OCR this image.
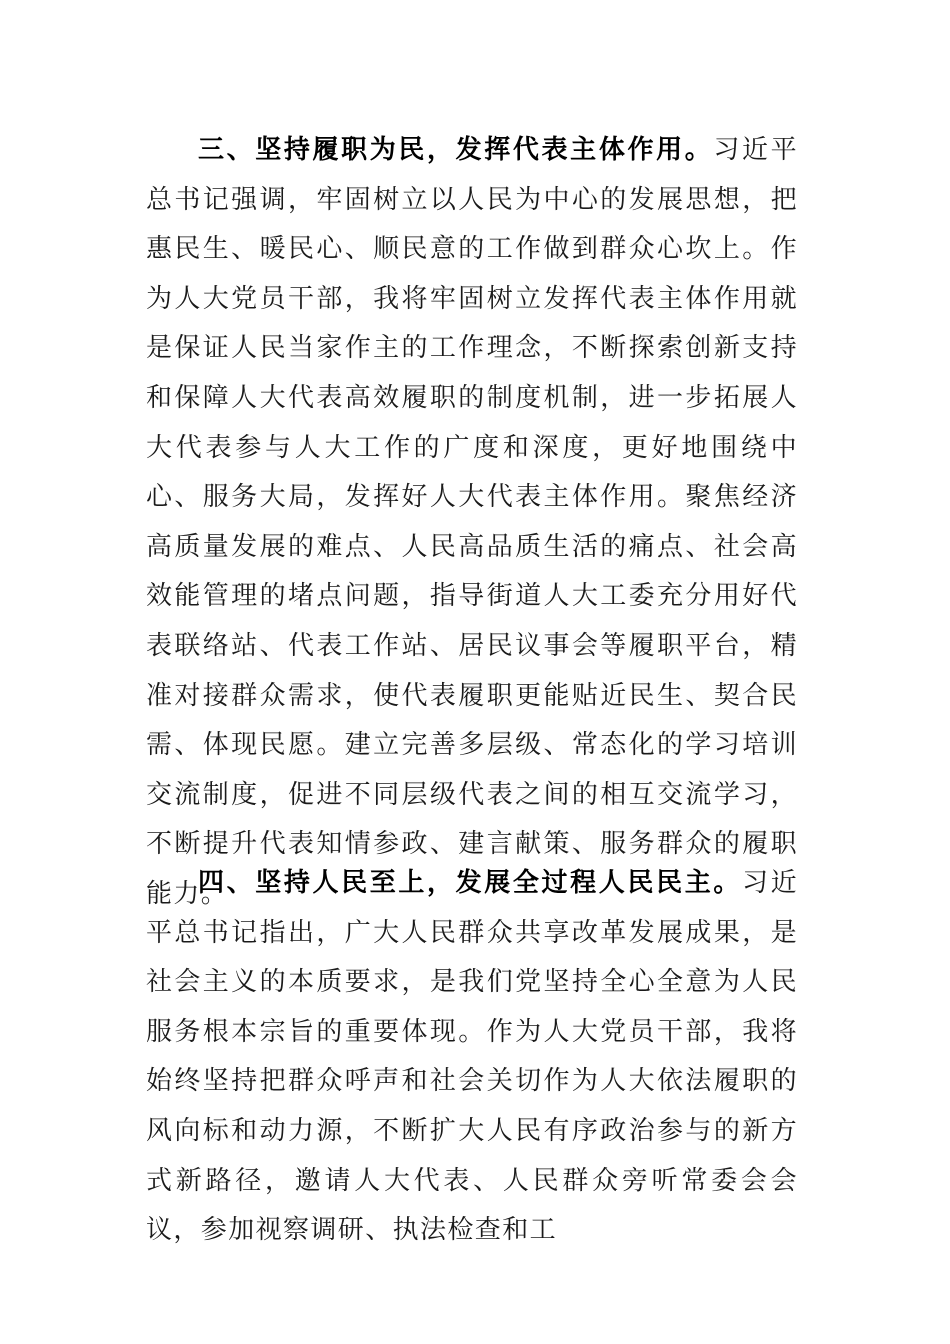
三、坚持履职为民，发挥代表主体作用。习近平总书记强调，牢固树立以人民为中心的发展思想，把惠民生、暖民心、顺民意的工作做到群众心坎上。作为人大党员干部，我将牢固树立发挥代表主体作用就是保证人民当家作主的工作理念，不断探索创新支持和保障人大代表高效履职的制度机制，进一步拓展人大代表参与人大工作的广度和深度，更好地围绕中心、服务大局，发挥好人大代表主体作用。聚焦经济高质量发展的难点、人民高品质生活的痛点、社会高效能管理的堵点问题，指导街道人大工委充分用好代表联络站、代表工作站、居民议事会等履职平台，精准对接群众需求，使代表履职更能贴近民生、契合民需、体现民愿。建立完善多层级、常态化的学习培训交流制度，促进不同层级代表之间的相互交流学习，不断提升代表知情参政、建言献策、服务群众的履职能力。

四、坚持人民至上，发展全过程人民民主。习近平总书记指出，广大人民群众共享改革发展成果，是社会主义的本质要求，是我们党坚持全心全意为人民服务根本宗旨的重要体现。作为人大党员干部，我将始终坚持把群众呼声和社会关切作为人大依法履职的风向标和动力源，不断扩大人民有序政治参与的新方式新路径，邀请人大代表、人民群众旁听常委会会议，参加视察调研、执法检查和工
